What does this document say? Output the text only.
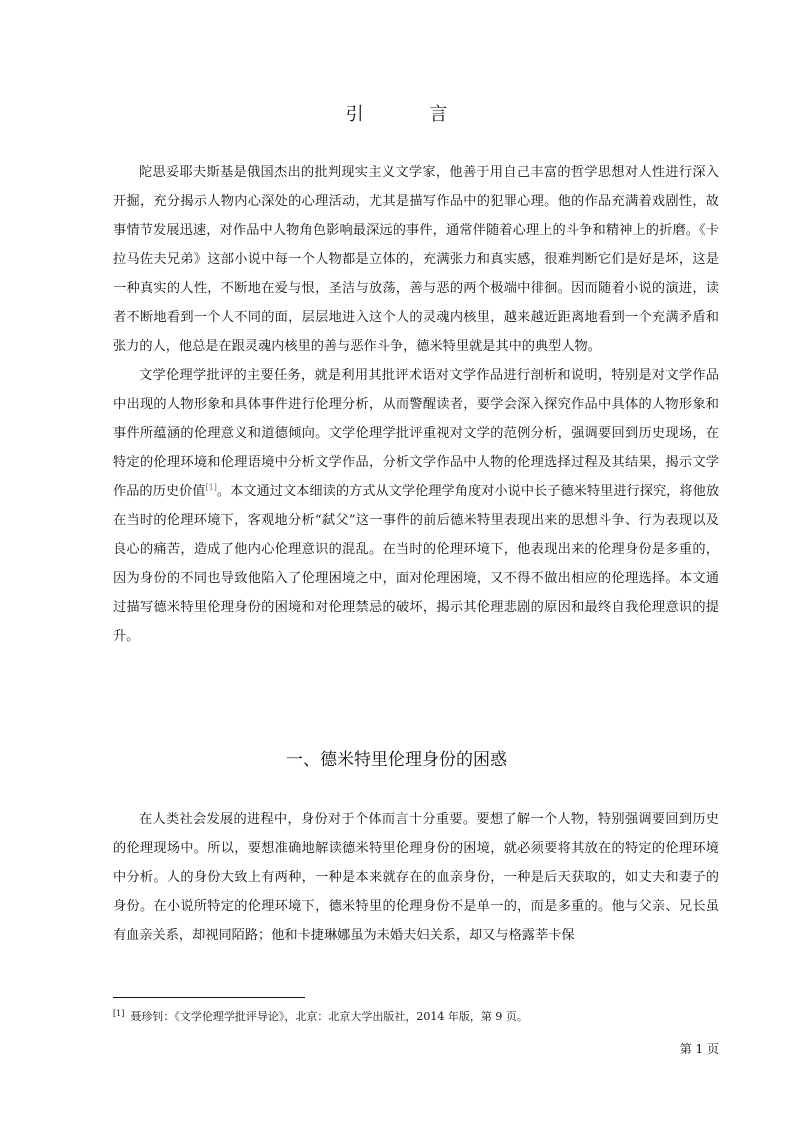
引 言

陀思妥耶夫斯基是俄国杰出的批判现实主义文学家，他善于用自己丰富的哲学思想对人性进行深入开掘，充分揭示人物内心深处的心理活动，尤其是描写作品中的犯罪心理。他的作品充满着戏剧性，故事情节发展迅速，对作品中人物角色影响最深远的事件，通常伴随着心理上的斗争和精神上的折磨。《卡拉马佐夫兄弟》这部小说中每一个人物都是立体的，充满张力和真实感，很难判断它们是好是坏，这是一种真实的人性，不断地在爱与恨，圣洁与放荡，善与恶的两个极端中徘徊。因而随着小说的演进，读者不断地看到一个人不同的面，层层地进入这个人的灵魂内核里，越来越近距离地看到一个充满矛盾和张力的人，他总是在跟灵魂内核里的善与恶作斗争，德米特里就是其中的典型人物。

文学伦理学批评的主要任务，就是利用其批评术语对文学作品进行剖析和说明，特别是对文学作品中出现的人物形象和具体事件进行伦理分析，从而警醒读者，要学会深入探究作品中具体的人物形象和事件所蕴涵的伦理意义和道德倾向。文学伦理学批评重视对文学的范例分析，强调要回到历史现场，在特定的伦理环境和伦理语境中分析文学作品，分析文学作品中人物的伦理选择过程及其结果，揭示文学作品的历史价值[1]。本文通过文本细读的方式从文学伦理学角度对小说中长子德米特里进行探究，将他放在当时的伦理环境下，客观地分析“弑父”这一事件的前后德米特里表现出来的思想斗争、行为表现以及良心的痛苦，造成了他内心伦理意识的混乱。在当时的伦理环境下，他表现出来的伦理身份是多重的，因为身份的不同也导致他陷入了伦理困境之中，面对伦理困境，又不得不做出相应的伦理选择。本文通过描写德米特里伦理身份的困境和对伦理禁忌的破坏，揭示其伦理悲剧的原因和最终自我伦理意识的提升。

一、德米特里伦理身份的困惑

在人类社会发展的进程中，身份对于个体而言十分重要。要想了解一个人物，特别强调要回到历史的伦理现场中。所以，要想准确地解读德米特里伦理身份的困境，就必须要将其放在的特定的伦理环境中分析。人的身份大致上有两种，一种是本来就存在的血亲身份，一种是后天获取的，如丈夫和妻子的身份。在小说所特定的伦理环境下，德米特里的伦理身份不是单一的，而是多重的。他与父亲、兄长虽有血亲关系，却视同陌路；他和卡捷琳娜虽为未婚夫妇关系，却又与格露莘卡保

[1] 聂珍钊：《文学伦理学批评导论》，北京：北京大学出版社，2014 年版，第 9 页。
第 1 页
